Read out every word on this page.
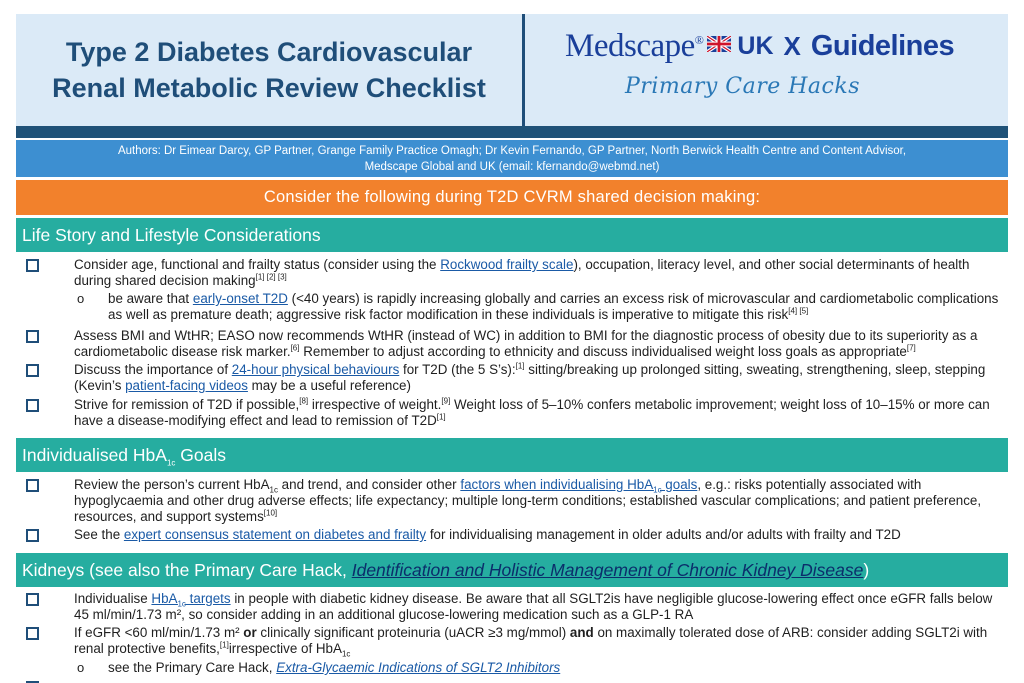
Type 2 Diabetes Cardiovascular
Renal Metabolic Review Checklist
Medscape® UK X Guidelines
Primary Care Hacks
Authors: Dr Eimear Darcy, GP Partner, Grange Family Practice Omagh; Dr Kevin Fernando, GP Partner, North Berwick Health Centre and Content Advisor,
Medscape Global and UK (email: kfernando@webmd.net)
Consider the following during T2D CVRM shared decision making:
Life Story and Lifestyle Considerations
Consider age, functional and frailty status (consider using the Rockwood frailty scale), occupation, literacy level, and other social determinants of health during shared decision making[1] [2] [3]
o be aware that early-onset T2D (<40 years) is rapidly increasing globally and carries an excess risk of microvascular and cardiometabolic complications as well as premature death; aggressive risk factor modification in these individuals is imperative to mitigate this risk[4] [5]
Assess BMI and WtHR; EASO now recommends WtHR (instead of WC) in addition to BMI for the diagnostic process of obesity due to its superiority as a cardiometabolic disease risk marker.[6] Remember to adjust according to ethnicity and discuss individualised weight loss goals as appropriate[7]
Discuss the importance of 24-hour physical behaviours for T2D (the 5 S’s):[1] sitting/breaking up prolonged sitting, sweating, strengthening, sleep, stepping (Kevin’s patient-facing videos may be a useful reference)
Strive for remission of T2D if possible,[8] irrespective of weight.[9] Weight loss of 5–10% confers metabolic improvement; weight loss of 10–15% or more can have a disease-modifying effect and lead to remission of T2D[1]
Individualised HbA$_{1c}$ Goals
Review the person’s current HbA$_{1c}$ and trend, and consider other factors when individualising HbA$_{1c}$ goals, e.g.: risks potentially associated with hypoglycaemia and other drug adverse effects; life expectancy; multiple long-term conditions; established vascular complications; and patient preference, resources, and support systems[10]
See the expert consensus statement on diabetes and frailty for individualising management in older adults and/or adults with frailty and T2D
Kidneys (see also the Primary Care Hack, Identification and Holistic Management of Chronic Kidney Disease)
Individualise HbA$_{1c}$ targets in people with diabetic kidney disease. Be aware that all SGLT2is have negligible glucose-lowering effect once eGFR falls below 45 ml/min/1.73 m², so consider adding in an additional glucose-lowering medication such as a GLP-1 RA
If eGFR <60 ml/min/1.73 m² or clinically significant proteinuria (uACR ≥3 mg/mmol) and on maximally tolerated dose of ARB: consider adding SGLT2i with renal protective benefits,[1]irrespective of HbA$_{1c}$
o see the Primary Care Hack, Extra-Glycaemic Indications of SGLT2 Inhibitors
